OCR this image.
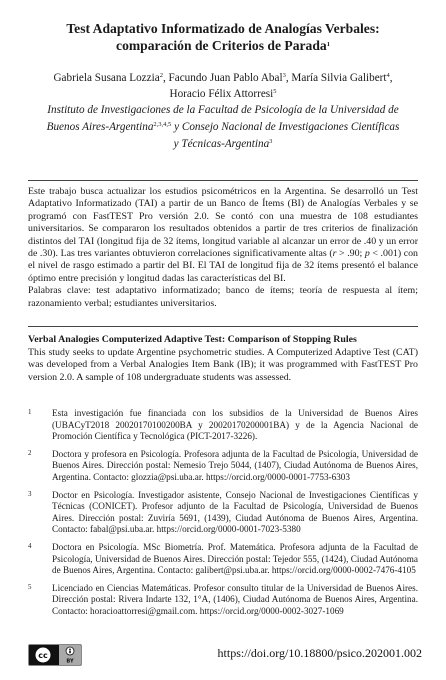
Test Adaptativo Informatizado de Analogías Verbales:
comparación de Criterios de Parada$^1$
Gabriela Susana Lozzia$^2$, Facundo Juan Pablo Abal$^3$, María Silvia Galibert$^4$,
Horacio Félix Attorresi$^5$
Instituto de Investigaciones de la Facultad de Psicología de la Universidad de
Buenos Aires-Argentina$^{2,3,4,5}$ y Consejo Nacional de Investigaciones Científicas
y Técnicas-Argentina$^3$
Este trabajo busca actualizar los estudios psicométricos en la Argentina. Se desarrolló un Test Adaptativo Informatizado (TAI) a partir de un Banco de Ítems (BI) de Analogías Verbales y se programó con FastTEST Pro versión 2.0. Se contó con una muestra de 108 estudiantes universitarios. Se compararon los resultados obtenidos a partir de tres criterios de finalización distintos del TAI (longitud fija de 32 ítems, longitud variable al alcanzar un error de .40 y un error de .30). Las tres variantes obtuvieron correlaciones significativamente altas (r > .90; p < .001) con el nivel de rasgo estimado a partir del BI. El TAI de longitud fija de 32 ítems presentó el balance óptimo entre precisión y longitud dadas las características del BI.
Palabras clave: test adaptativo informatizado; banco de ítems; teoría de respuesta al ítem; razonamiento verbal; estudiantes universitarios.
Verbal Analogies Computerized Adaptive Test: Comparison of Stopping Rules
This study seeks to update Argentine psychometric studies. A Computerized Adaptive Test (CAT) was developed from a Verbal Analogies Item Bank (IB); it was programmed with FastTEST Pro version 2.0. A sample of 108 undergraduate students was assessed.
1 Esta investigación fue financiada con los subsidios de la Universidad de Buenos Aires (UBACyT2018 20020170100200BA y 20020170200001BA) y de la Agencia Nacional de Promoción Científica y Tecnológica (PICT-2017-3226).
2 Doctora y profesora en Psicología. Profesora adjunta de la Facultad de Psicología, Universidad de Buenos Aires. Dirección postal: Nemesio Trejo 5044, (1407), Ciudad Autónoma de Buenos Aires, Argentina. Contacto: glozzia@psi.uba.ar. https://orcid.org/0000-0001-7753-6303
3 Doctor en Psicología. Investigador asistente, Consejo Nacional de Investigaciones Científicas y Técnicas (CONICET). Profesor adjunto de la Facultad de Psicología, Universidad de Buenos Aires. Dirección postal: Zuviría 5691, (1439), Ciudad Autónoma de Buenos Aires, Argentina. Contacto: fabal@psi.uba.ar. https://orcid.org/0000-0001-7023-5380
4 Doctora en Psicología. MSc Biometría. Prof. Matemática. Profesora adjunta de la Facultad de Psicología, Universidad de Buenos Aires. Dirección postal: Tejedor 555, (1424), Ciudad Autónoma de Buenos Aires, Argentina. Contacto: galibert@psi.uba.ar. https://orcid.org/0000-0002-7476-4105
5 Licenciado en Ciencias Matemáticas. Profesor consulto titular de la Universidad de Buenos Aires. Dirección postal: Rivera Indarte 132, 1°A, (1406), Ciudad Autónoma de Buenos Aires, Argentina. Contacto: horacioattorresi@gmail.com. https://orcid.org/0000-0002-3027-1069
cc
BY
https://doi.org/10.18800/psico.202001.002
